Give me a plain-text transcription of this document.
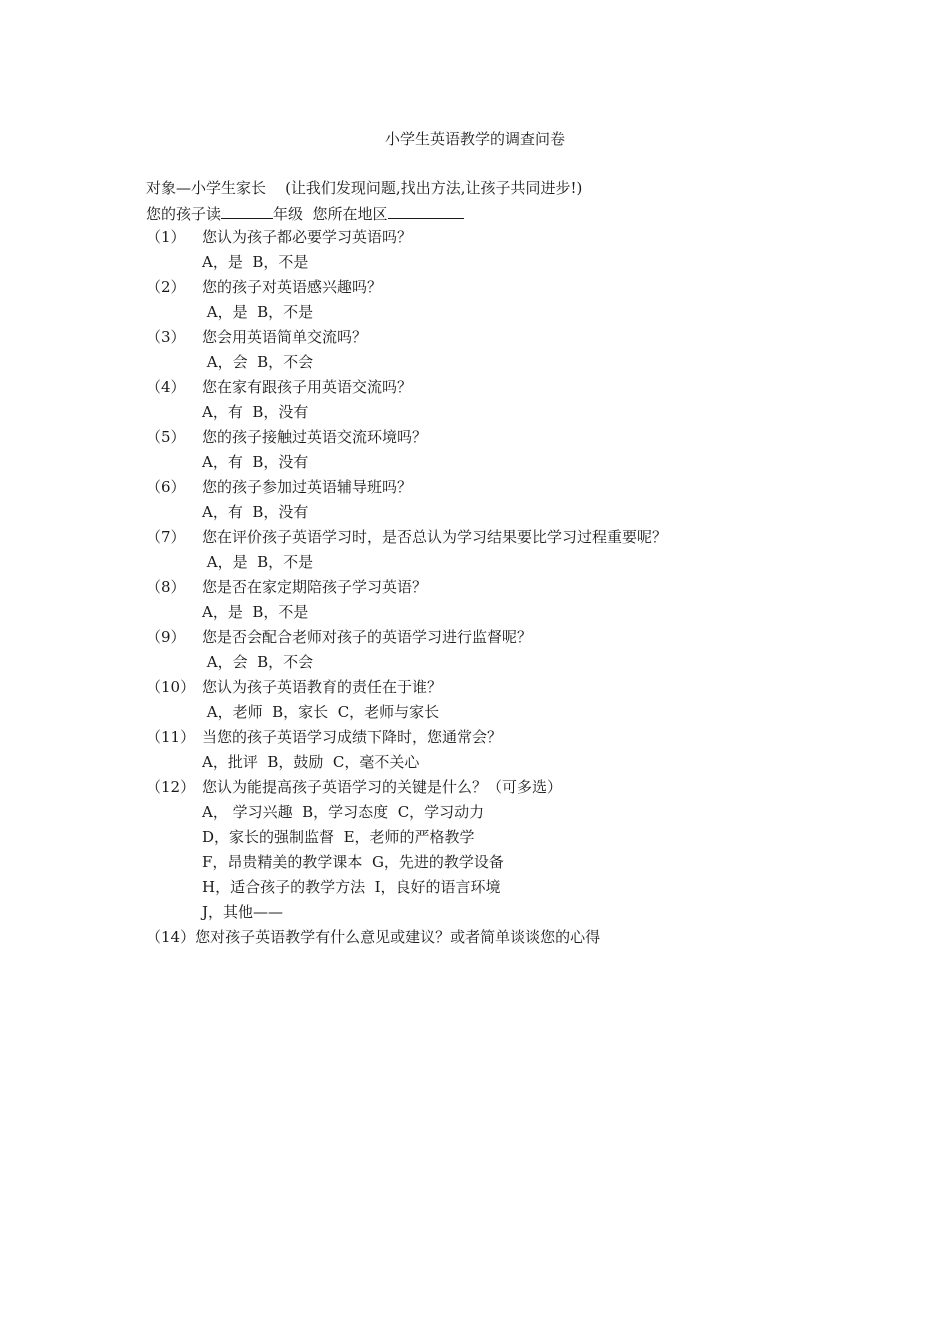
小学生英语教学的调查问卷
对象—小学生家长    (让我们发现问题,找出方法,让孩子共同进步!)
您的孩子读	年级  您所在地区
（1） 您认为孩子都必要学习英语吗？
A，是  B，不是
（2） 您的孩子对英语感兴趣吗？
A，是  B，不是
（3） 您会用英语简单交流吗？
A，会  B，不会
（4） 您在家有跟孩子用英语交流吗？
A，有  B，没有
（5） 您的孩子接触过英语交流环境吗？
A，有  B，没有
（6） 您的孩子参加过英语辅导班吗？
A，有  B，没有
（7） 您在评价孩子英语学习时，是否总认为学习结果要比学习过程重要呢？
A，是  B，不是
（8） 您是否在家定期陪孩子学习英语？
A，是  B，不是
（9） 您是否会配合老师对孩子的英语学习进行监督呢？
A，会  B，不会
（10） 您认为孩子英语教育的责任在于谁？
A，老师  B，家长  C，老师与家长
（11） 当您的孩子英语学习成绩下降时，您通常会？
A，批评  B，鼓励  C，毫不关心
（12） 您认为能提高孩子英语学习的关键是什么？（可多选）
A， 学习兴趣  B，学习态度  C，学习动力
D，家长的强制监督  E，老师的严格教学
F，昂贵精美的教学课本  G，先进的教学设备
H，适合孩子的教学方法  I，良好的语言环境
J，其他——
（14）您对孩子英语教学有什么意见或建议？或者简单谈谈您的心得
